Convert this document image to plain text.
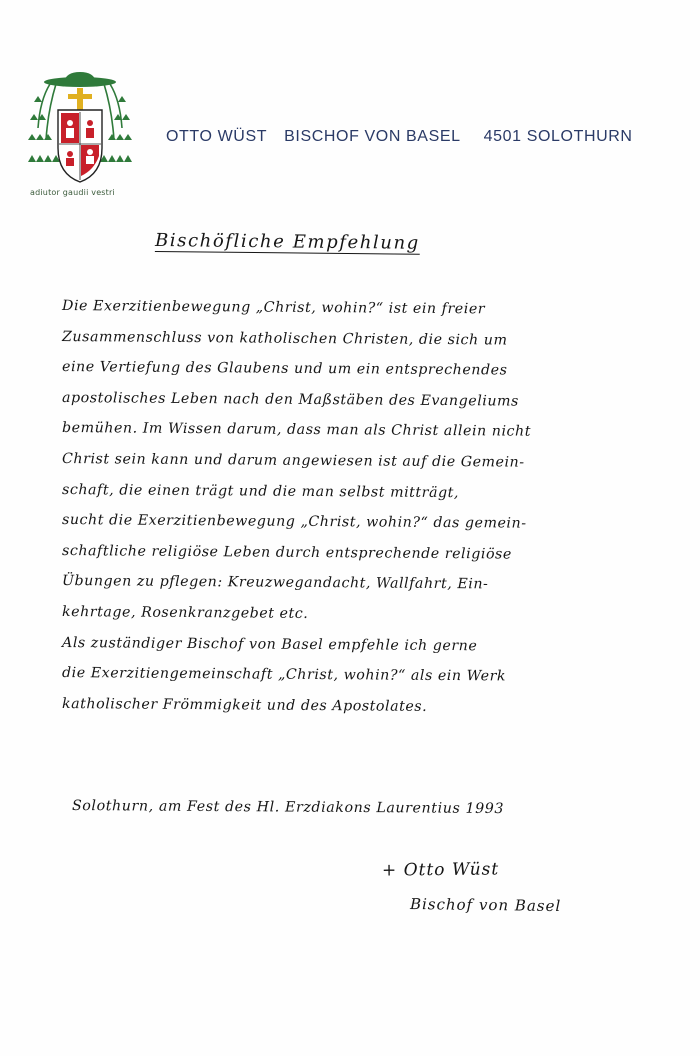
adiutor gaudii vestri
OTTO WÜST BISCHOF VON BASEL 4501 SOLOTHURN
Bischöfliche Empfehlung
Die Exerzitienbewegung „Christ, wohin?“ ist ein freier
Zusammenschluss von katholischen Christen, die sich um
eine Vertiefung des Glaubens und um ein entsprechendes
apostolisches Leben nach den Maßstäben des Evangeliums
bemühen. Im Wissen darum, dass man als Christ allein nicht
Christ sein kann und darum angewiesen ist auf die Gemein-
schaft, die einen trägt und die man selbst mitträgt,
sucht die Exerzitienbewegung „Christ, wohin?“ das gemein-
schaftliche religiöse Leben durch entsprechende religiöse
Übungen zu pflegen: Kreuzwegandacht, Wallfahrt, Ein-
kehrtage, Rosenkranzgebet etc.
Als zuständiger Bischof von Basel empfehle ich gerne
die Exerzitiengemeinschaft „Christ, wohin?“ als ein Werk
katholischer Frömmigkeit und des Apostolates.
Solothurn, am Fest des Hl. Erzdiakons Laurentius 1993
+ Otto Wüst
Bischof von Basel
